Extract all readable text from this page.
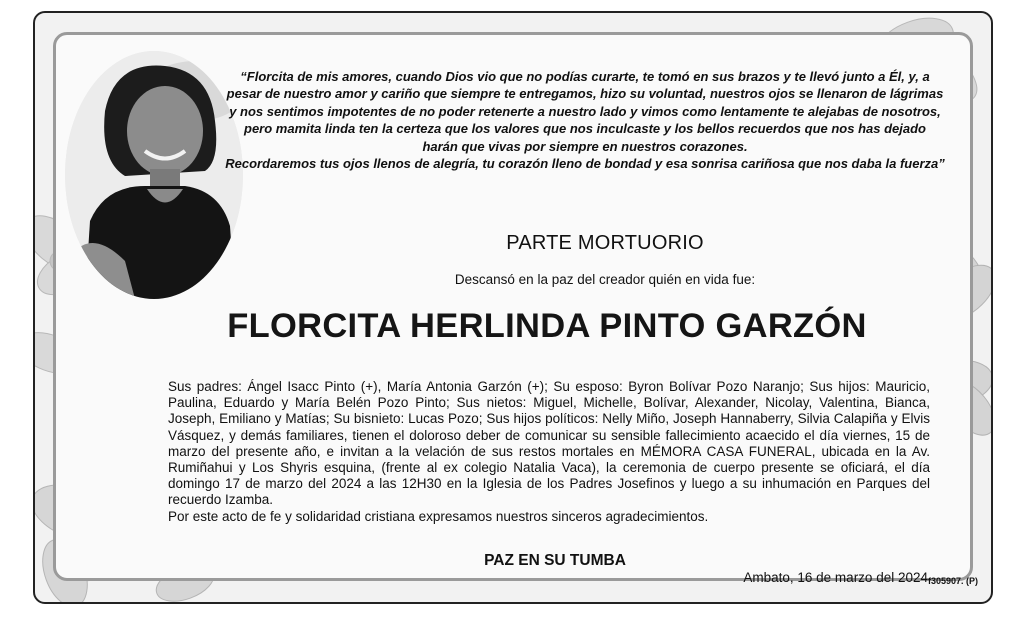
“Florcita de mis amores, cuando Dios vio que no podías curarte, te tomó en sus brazos y te llevó junto a Él, y, a pesar de nuestro amor y cariño que siempre te entregamos, hizo su voluntad, nuestros ojos se llenaron de lágrimas y nos sentimos impotentes de no poder retenerte a nuestro lado y vimos como lentamente te alejabas de nosotros, pero mamita linda ten la certeza que los valores que nos inculcaste y los bellos recuerdos que nos has dejado harán que vivas por siempre en nuestros corazones.

Recordaremos tus ojos llenos de alegría, tu corazón lleno de bondad y esa sonrisa cariñosa que nos daba la fuerza”

PARTE MORTUORIO
Descansó en la paz del creador quién en vida fue:
FLORCITA HERLINDA PINTO GARZÓN

Sus padres: Ángel Isacc Pinto (+), María Antonia Garzón (+); Su esposo: Byron Bolívar Pozo Naranjo; Sus hijos: Mauricio, Paulina, Eduardo y María Belén Pozo Pinto; Sus nietos: Miguel, Michelle, Bolívar, Alexander, Nicolay, Valentina, Bianca, Joseph, Emiliano y Matías; Su bisnieto: Lucas Pozo; Sus hijos políticos: Nelly Miño, Joseph Hannaberry, Silvia Calapiña y Elvis Vásquez, y demás familiares, tienen el doloroso deber de comunicar su sensible fallecimiento acaecido el día viernes, 15 de marzo del presente año, e invitan a la velación de sus restos mortales en MÉMORA CASA FUNERAL, ubicada en la Av. Rumiñahui y Los Shyris esquina, (frente al ex colegio Natalia Vaca), la ceremonia de cuerpo presente se oficiará, el día domingo 17 de marzo del 2024 a las 12H30 en la Iglesia de los Padres Josefinos y luego a su inhumación en Parques del recuerdo Izamba.

Por este acto de fe y solidaridad cristiana expresamos nuestros sinceros agradecimientos.

PAZ EN SU TUMBA
Ambato, 16 de marzo del 2024 f305907. (P)
